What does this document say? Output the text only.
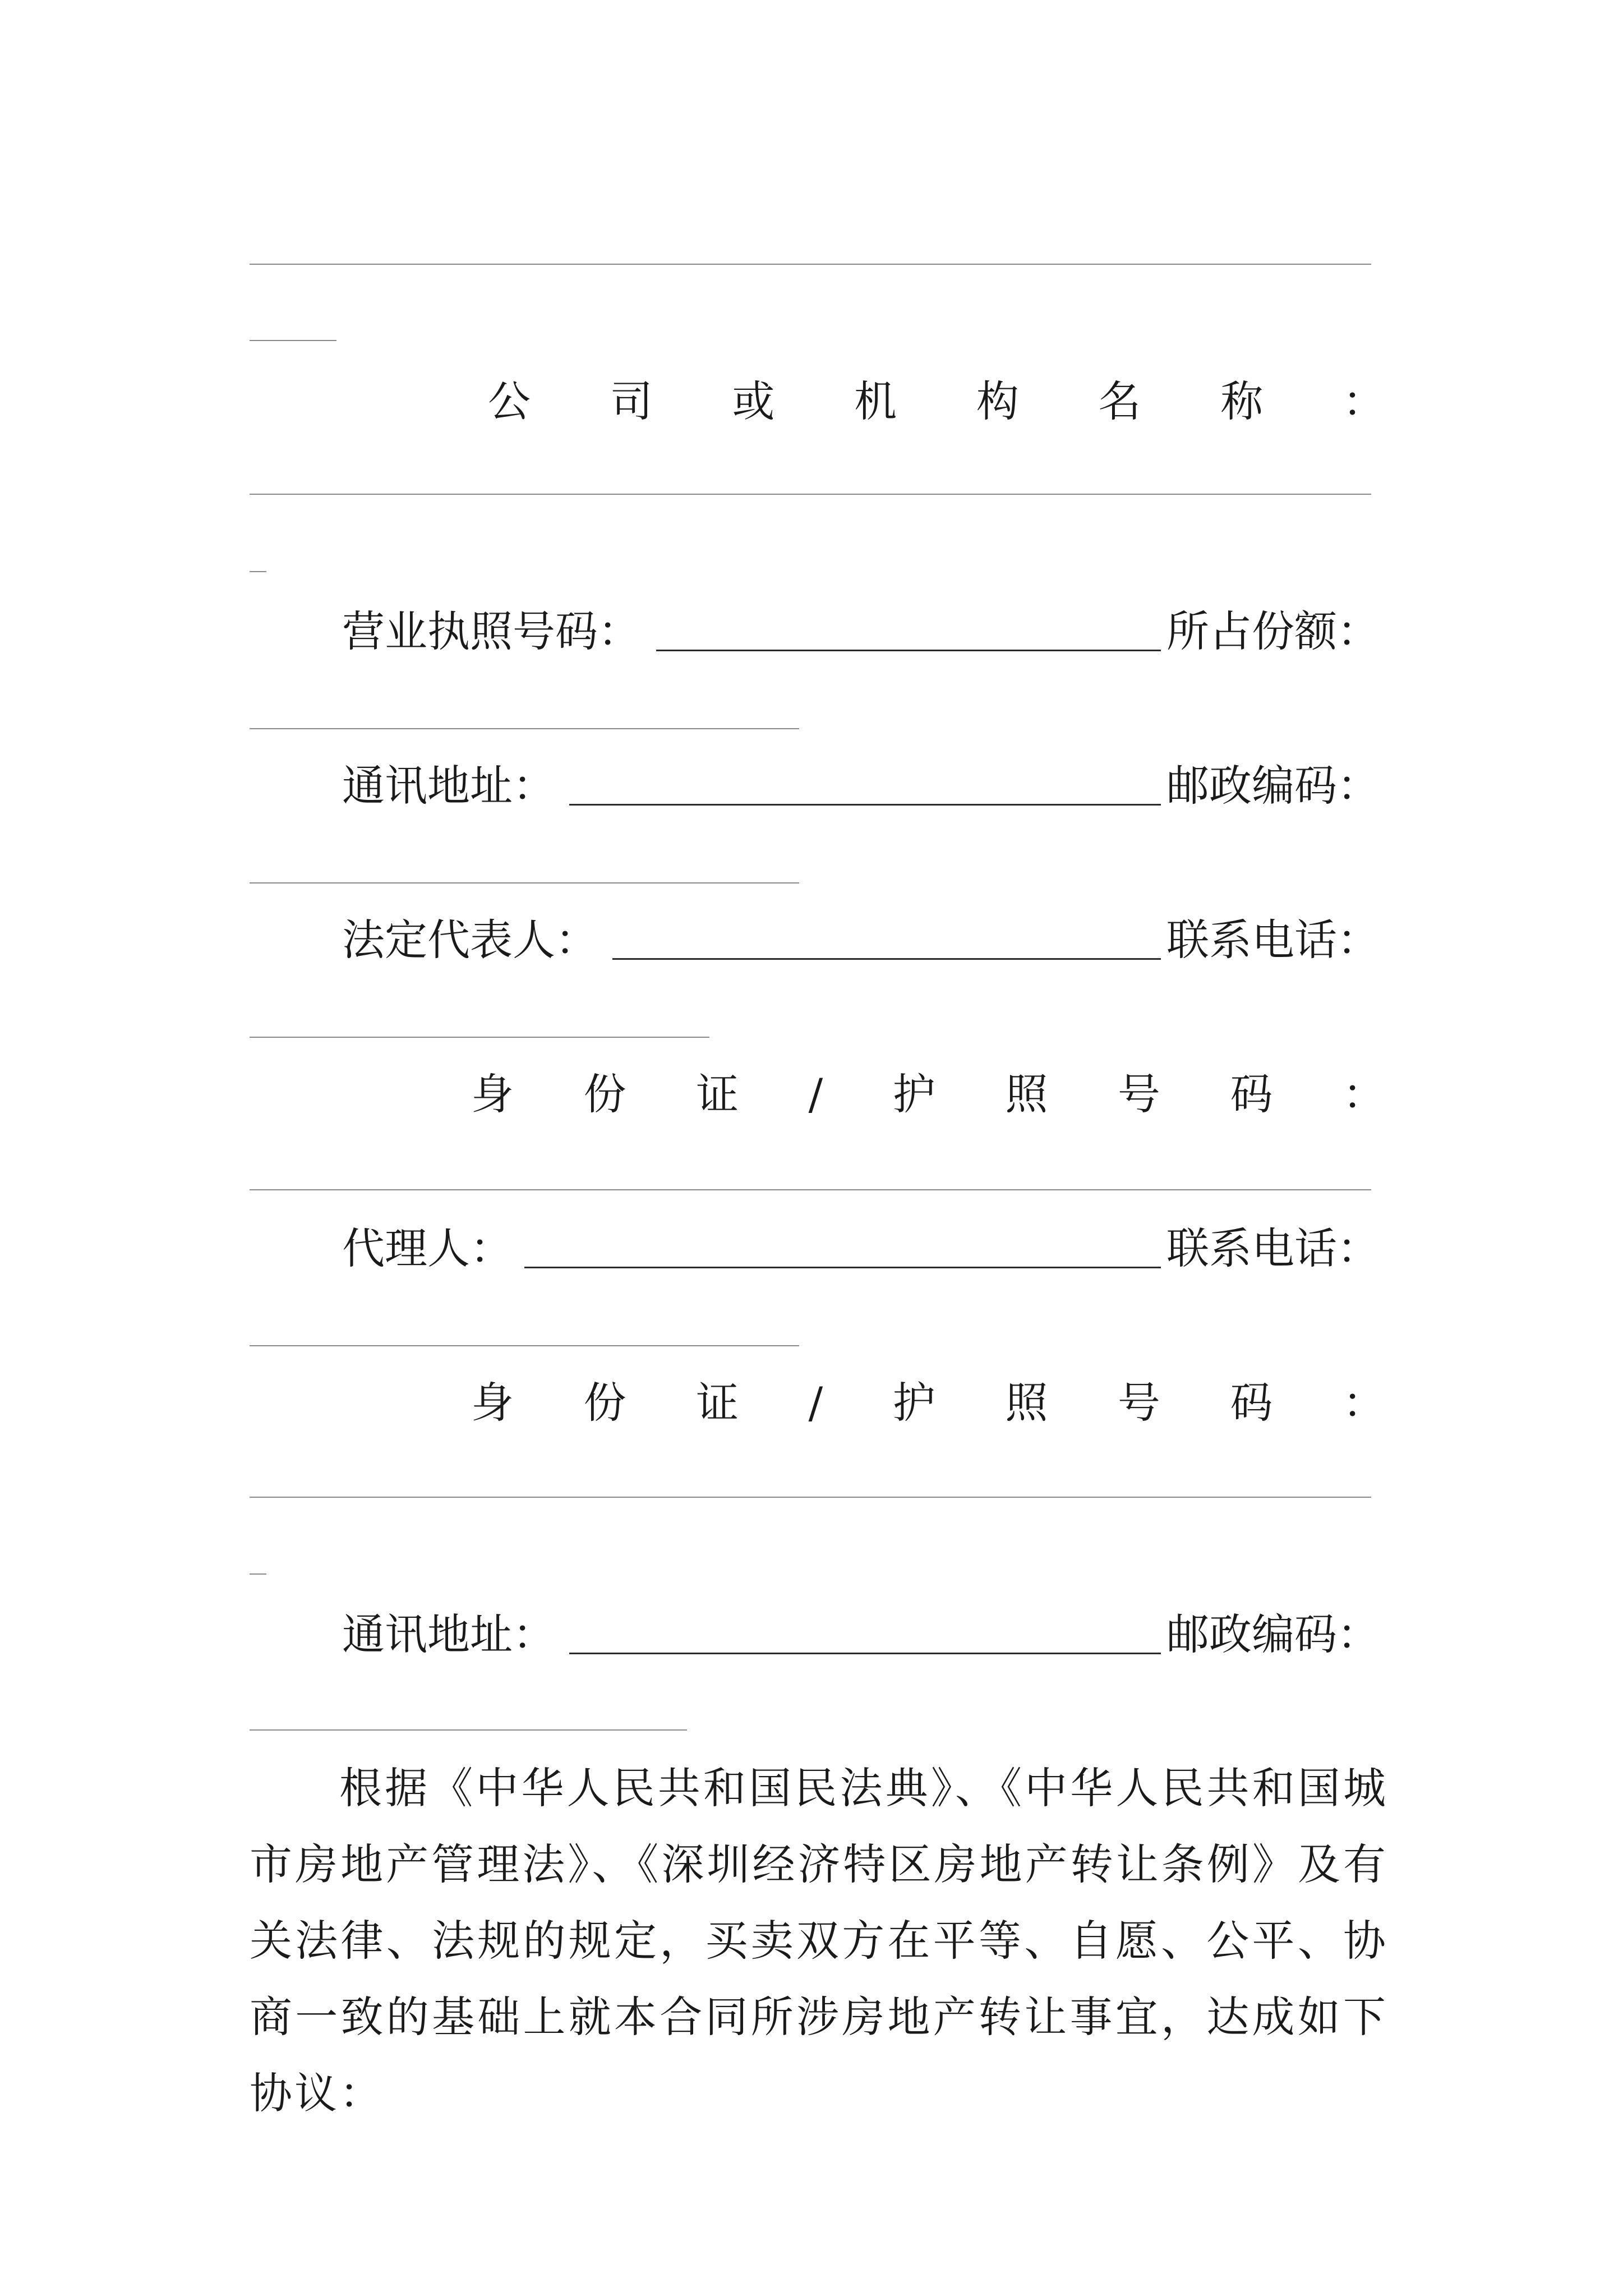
公 司 或 机 构 名 称 ：
营业执照号码：	所占份额：
通讯地址：	邮政编码：
法定代表人：	联系电话：
身 份 证 / 护 照 号 码 ：
代理人：	联系电话：
身 份 证 / 护 照 号 码 ：
通讯地址：	邮政编码：
根据《中华人民共和国民法典》、《中华人民共和国城市房地产管理法》、《深圳经济特区房地产转让条例》及有关法律、法规的规定，买卖双方在平等、自愿、公平、协商一致的基础上就本合同所涉房地产转让事宜，达成如下协议：
